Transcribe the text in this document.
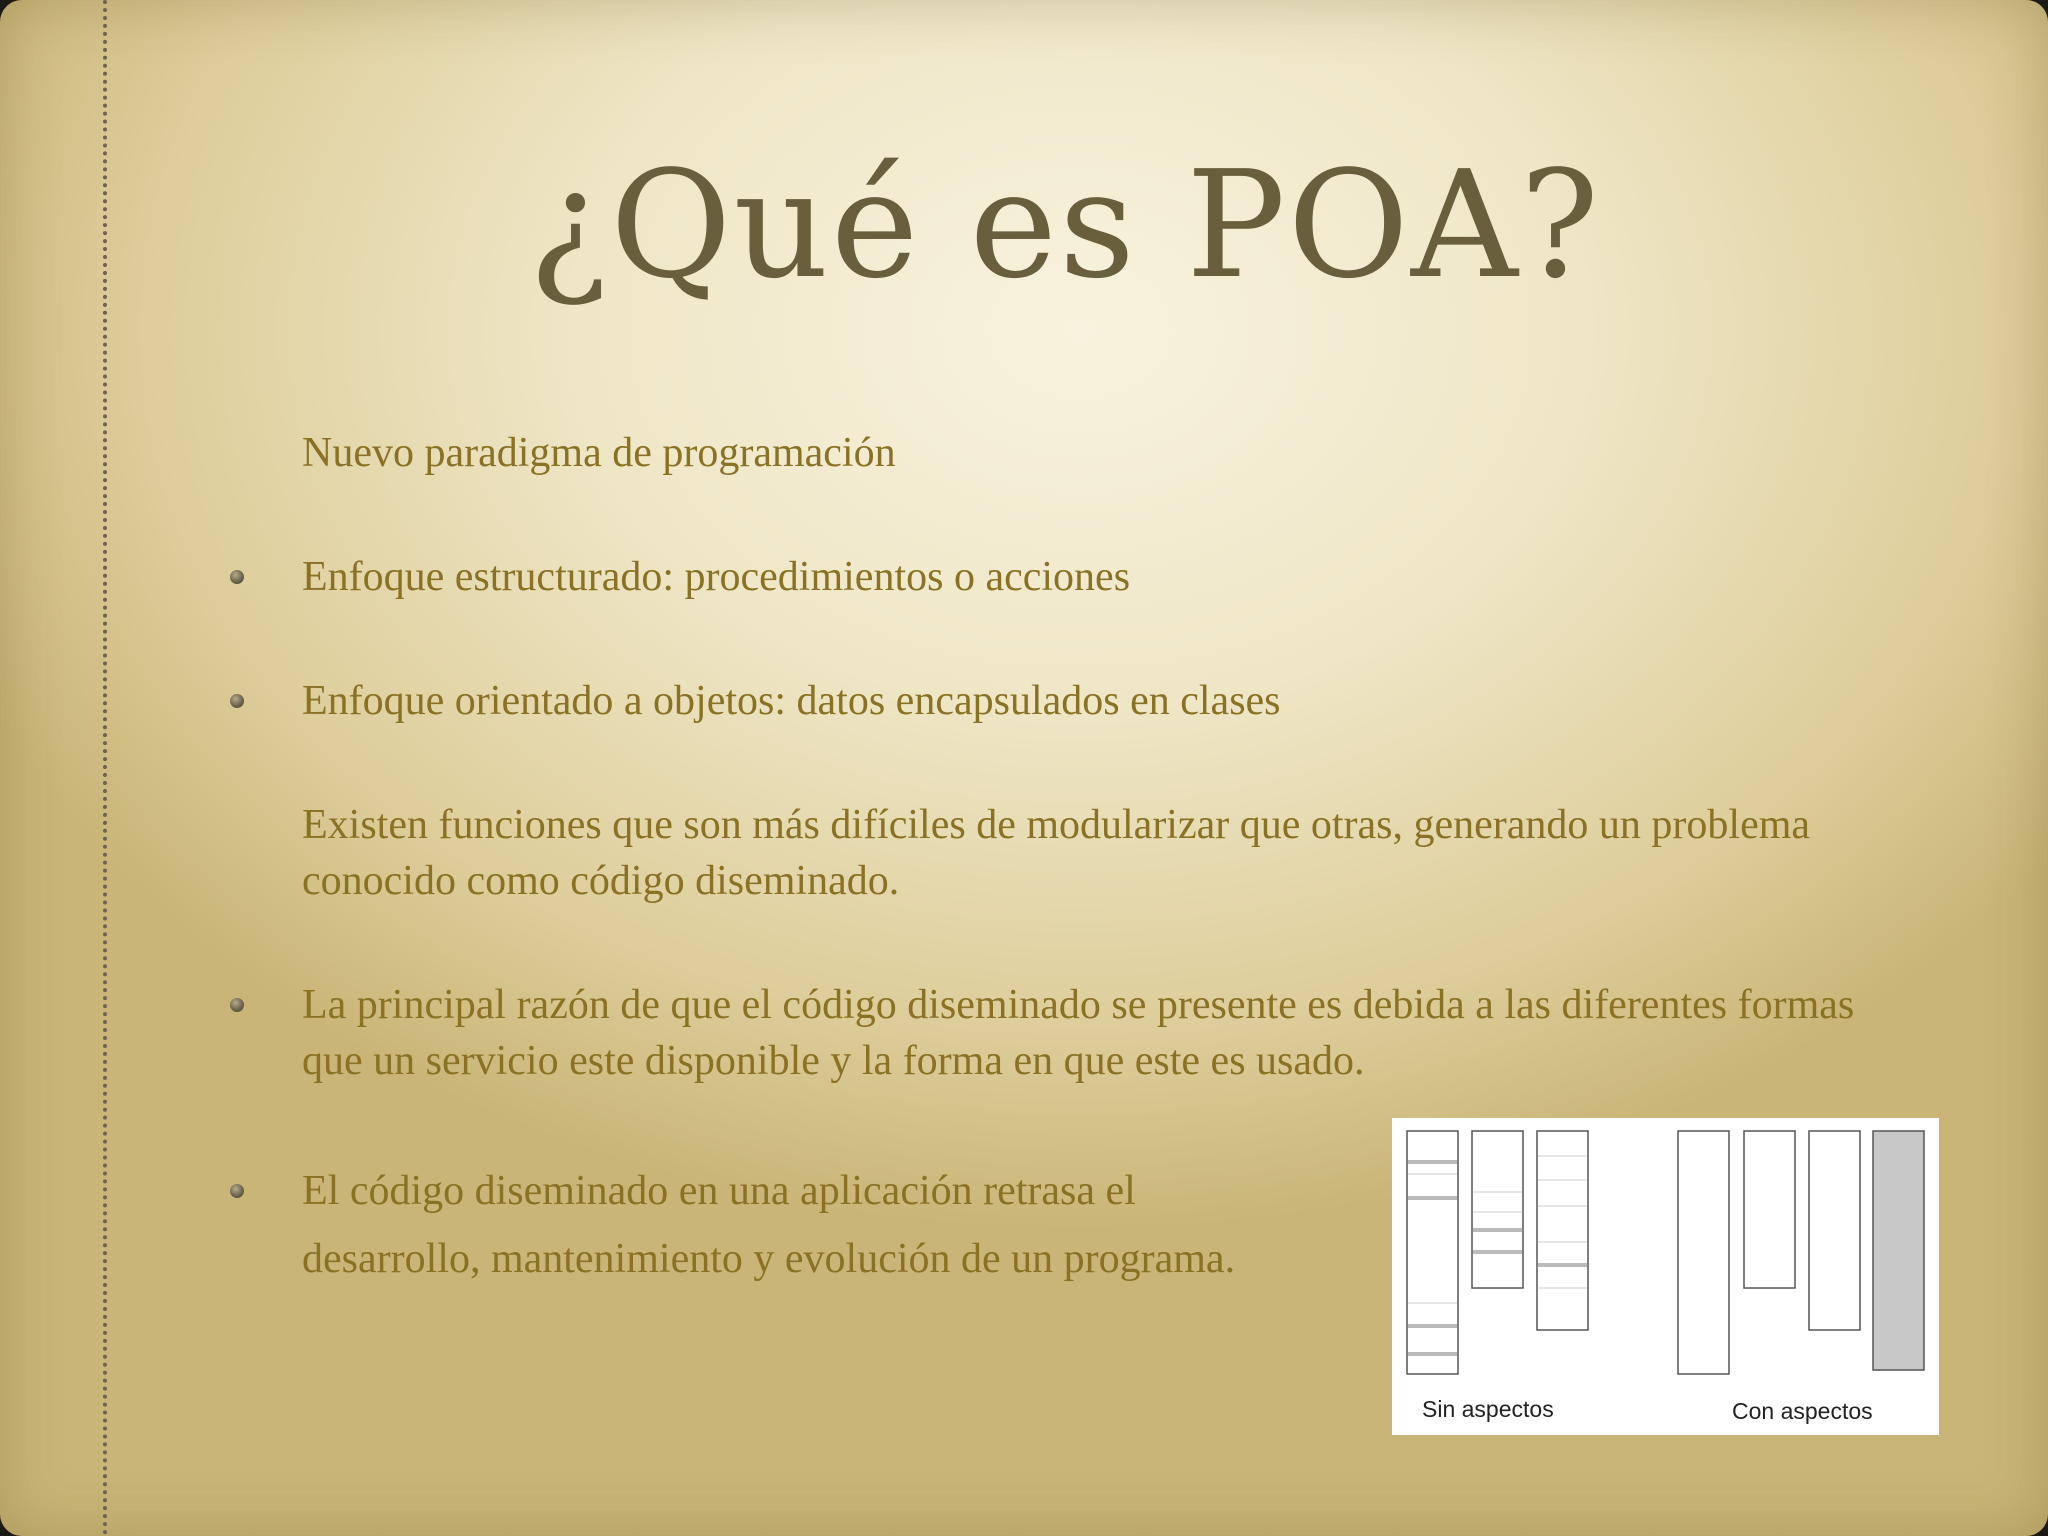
¿Qué es POA?
Nuevo paradigma de programación
Enfoque estructurado: procedimientos o acciones
Enfoque orientado a objetos: datos encapsulados en clases
Existen funciones que son más difíciles de modularizar que otras, generando un problema conocido como código diseminado.
La principal razón de que el código diseminado se presente es debida a las diferentes formas que un servicio este disponible y la forma en que este es usado.
El código diseminado en una aplicación retrasa el
desarrollo, mantenimiento y evolución de un programa.
Sin aspectos	Con aspectos
